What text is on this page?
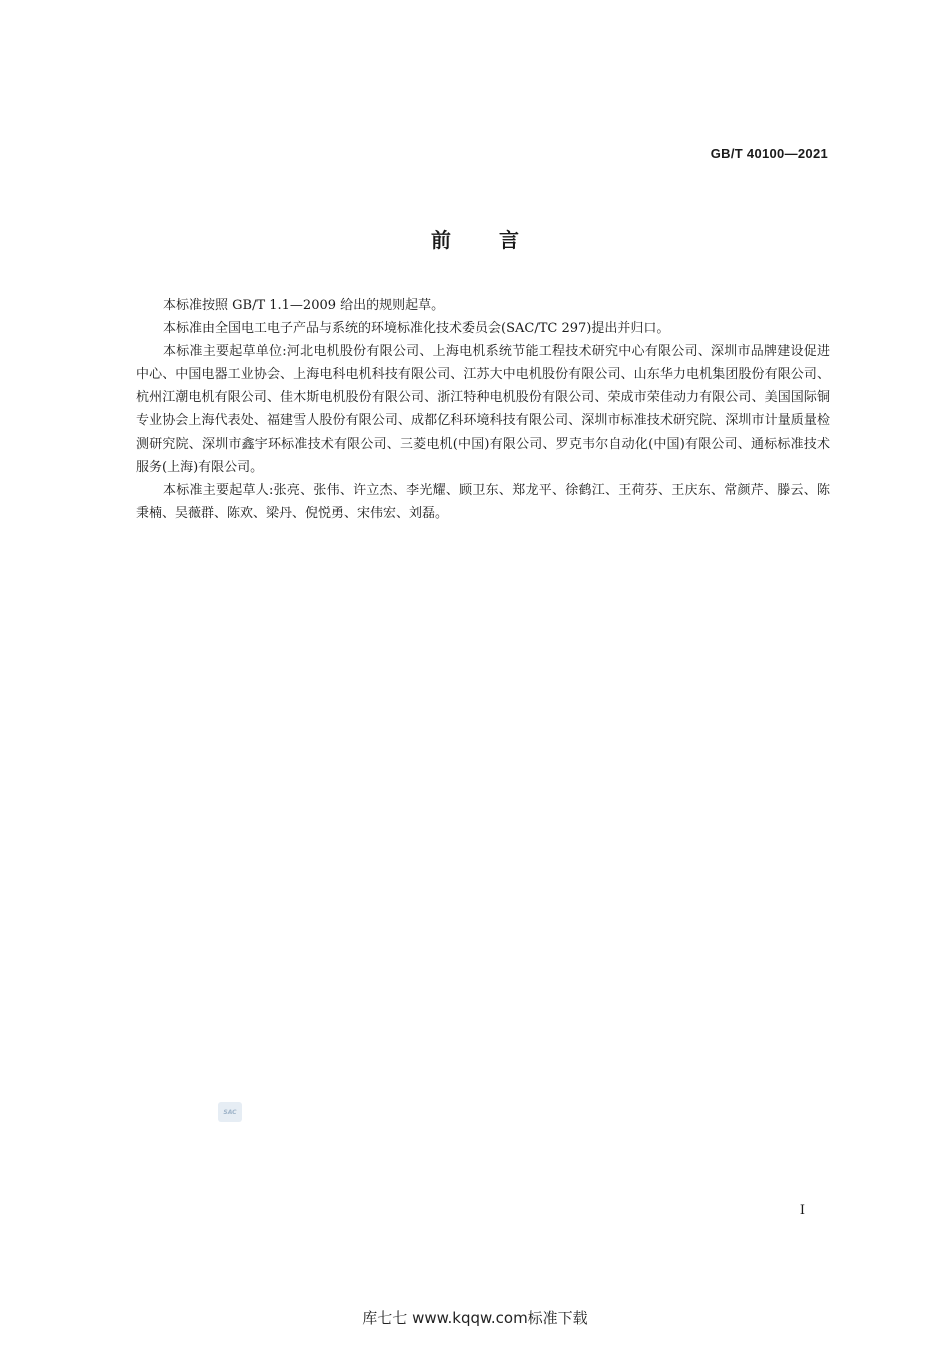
GB/T 40100—2021
前言

本标准按照 GB/T 1.1—2009 给出的规则起草。

本标准由全国电工电子产品与系统的环境标准化技术委员会(SAC/TC 297)提出并归口。

本标准主要起草单位:河北电机股份有限公司、上海电机系统节能工程技术研究中心有限公司、深圳市品牌建设促进中心、中国电器工业协会、上海电科电机科技有限公司、江苏大中电机股份有限公司、山东华力电机集团股份有限公司、杭州江潮电机有限公司、佳木斯电机股份有限公司、浙江特种电机股份有限公司、荣成市荣佳动力有限公司、美国国际铜专业协会上海代表处、福建雪人股份有限公司、成都亿科环境科技有限公司、深圳市标准技术研究院、深圳市计量质量检测研究院、深圳市鑫宇环标准技术有限公司、三菱电机(中国)有限公司、罗克韦尔自动化(中国)有限公司、通标标准技术服务(上海)有限公司。

本标准主要起草人:张亮、张伟、许立杰、李光耀、顾卫东、郑龙平、徐鹤江、王荷芬、王庆东、常颜芹、滕云、陈秉楠、吴薇群、陈欢、梁丹、倪悦勇、宋伟宏、刘磊。

SAC
I
库七七 www.kqqw.com标准下载
